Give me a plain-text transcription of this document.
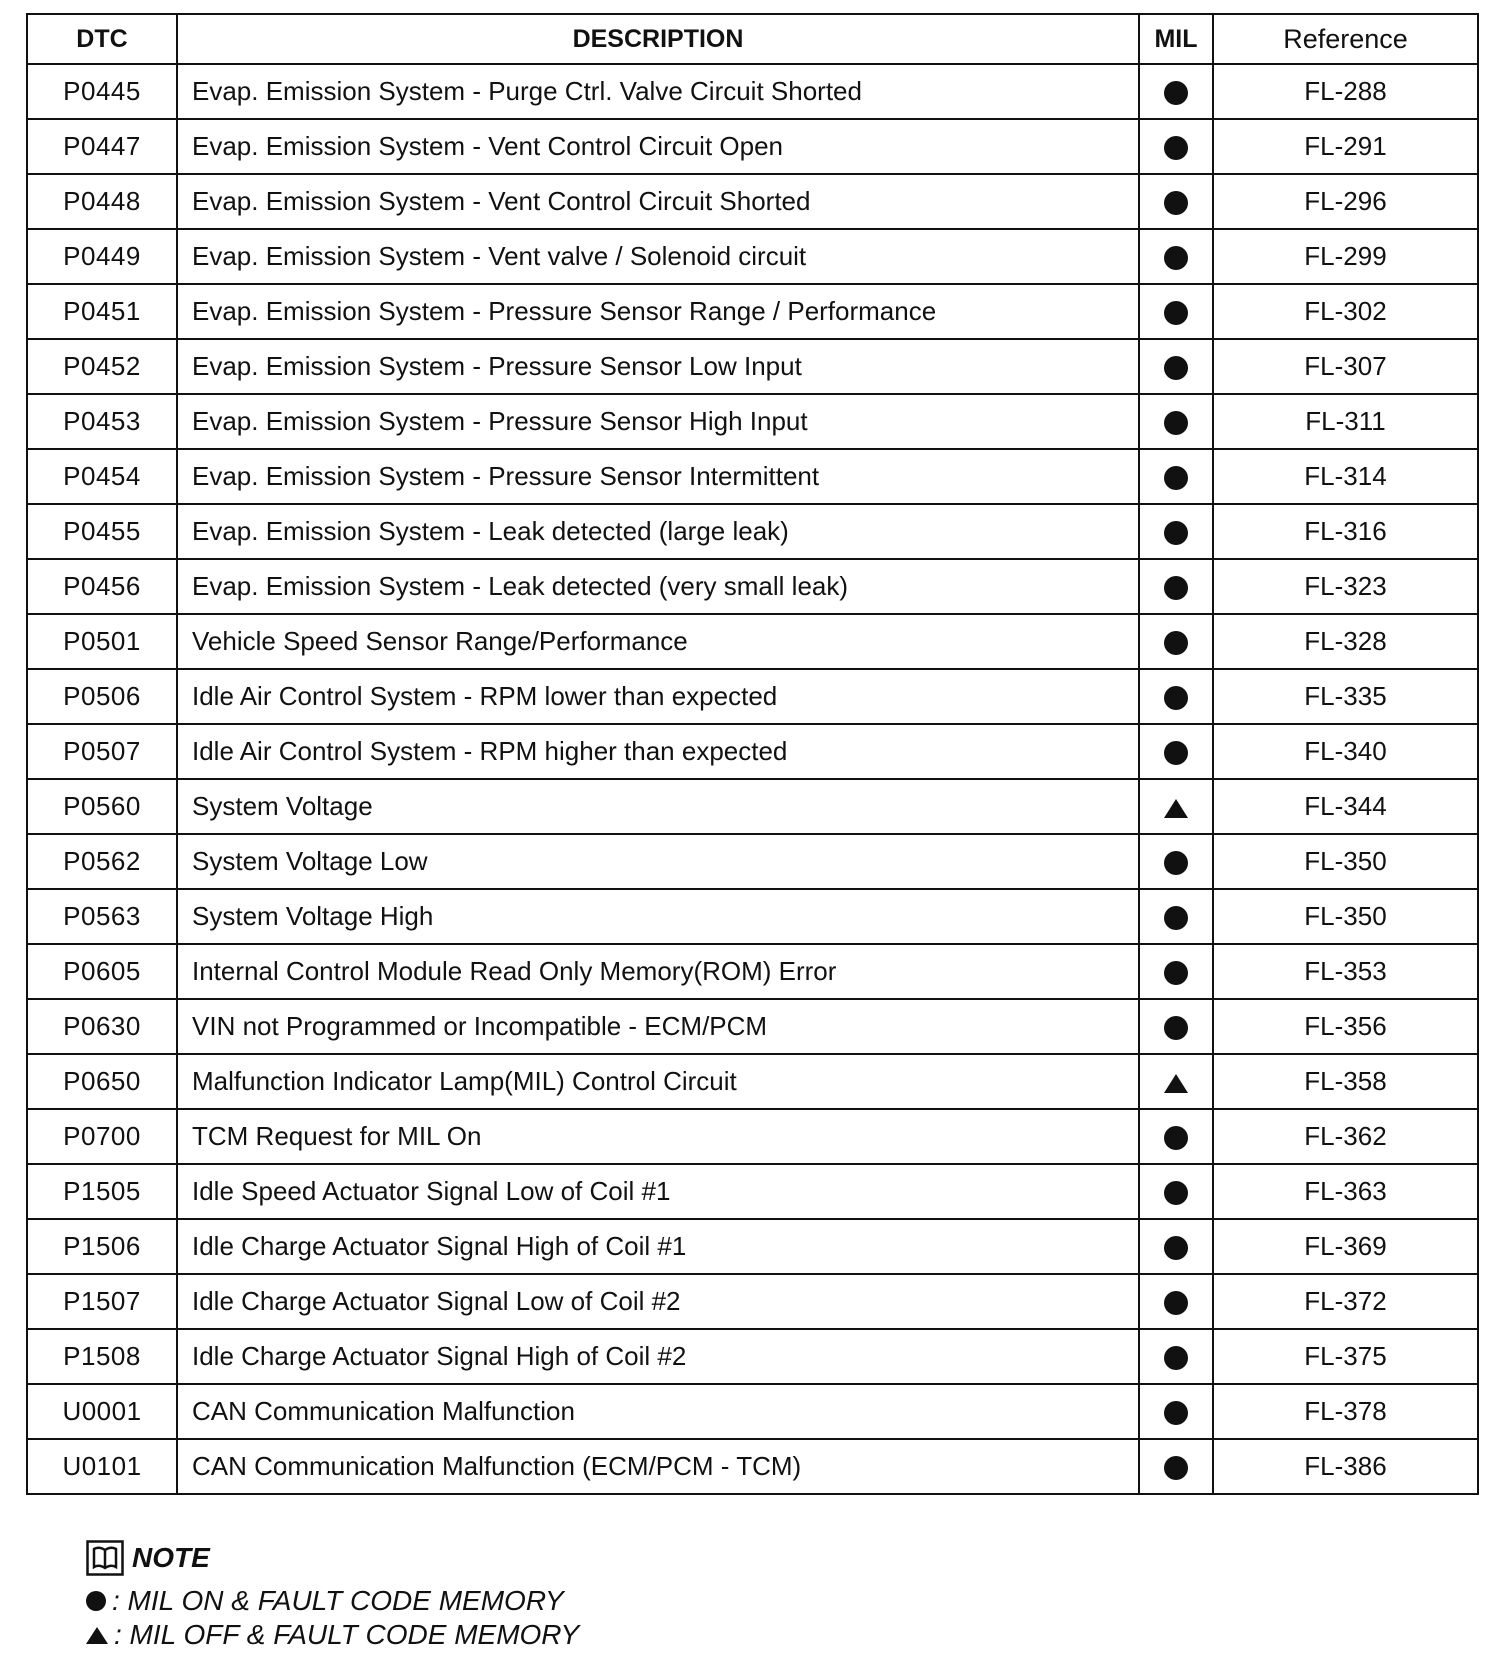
DTC	DESCRIPTION	MIL	Reference
P0445	Evap. Emission System - Purge Ctrl. Valve Circuit Shorted		FL-288
P0447	Evap. Emission System - Vent Control Circuit Open		FL-291
P0448	Evap. Emission System - Vent Control Circuit Shorted		FL-296
P0449	Evap. Emission System - Vent valve / Solenoid circuit		FL-299
P0451	Evap. Emission System - Pressure Sensor Range / Performance		FL-302
P0452	Evap. Emission System - Pressure Sensor Low Input		FL-307
P0453	Evap. Emission System - Pressure Sensor High Input		FL-311
P0454	Evap. Emission System - Pressure Sensor Intermittent		FL-314
P0455	Evap. Emission System - Leak detected (large leak)		FL-316
P0456	Evap. Emission System - Leak detected (very small leak)		FL-323
P0501	Vehicle Speed Sensor Range/Performance		FL-328
P0506	Idle Air Control System - RPM lower than expected		FL-335
P0507	Idle Air Control System - RPM higher than expected		FL-340
P0560	System Voltage		FL-344
P0562	System Voltage Low		FL-350
P0563	System Voltage High		FL-350
P0605	Internal Control Module Read Only Memory(ROM) Error		FL-353
P0630	VIN not Programmed or Incompatible - ECM/PCM		FL-356
P0650	Malfunction Indicator Lamp(MIL) Control Circuit		FL-358
P0700	TCM Request for MIL On		FL-362
P1505	Idle Speed Actuator Signal Low of Coil #1		FL-363
P1506	Idle Charge Actuator Signal High of Coil #1		FL-369
P1507	Idle Charge Actuator Signal Low of Coil #2		FL-372
P1508	Idle Charge Actuator Signal High of Coil #2		FL-375
U0001	CAN Communication Malfunction		FL-378
U0101	CAN Communication Malfunction (ECM/PCM - TCM)		FL-386
NOTE
: MIL ON & FAULT CODE MEMORY
: MIL OFF & FAULT CODE MEMORY
